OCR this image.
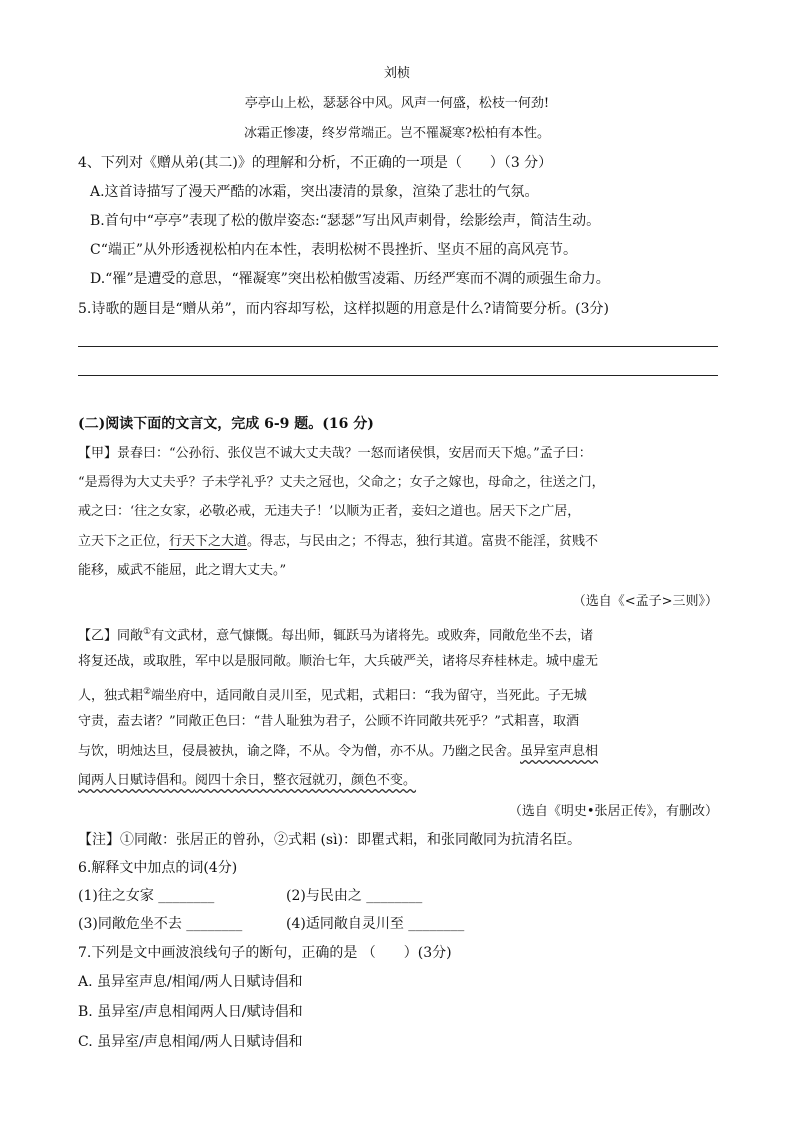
刘桢
亭亭山上松，瑟瑟谷中风。风声一何盛，松枝一何劲!
冰霜正惨凄，终岁常端正。岂不罹凝寒?松柏有本性。
4、下列对《赠从弟(其二)》的理解和分析，不正确的一项是（　　）（3 分）
A.这首诗描写了漫天严酷的冰霜，突出凄清的景象，渲染了悲壮的气氛。
B.首句中“亭亭”表现了松的傲岸姿态:“瑟瑟”写出风声刺骨，绘影绘声，简洁生动。
C“端正”从外形透视松柏内在本性，表明松树不畏挫折、坚贞不屈的高风亮节。
D.“罹”是遭受的意思，“罹凝寒”突出松柏傲雪凌霜、历经严寒而不凋的顽强生命力。
5.诗歌的题目是“赠从弟”，而内容却写松，这样拟题的用意是什么?请简要分析。(3分)
(二)阅读下面的文言文，完成 6-9 题。(16 分)
【甲】景春曰：“公孙衍、张仪岂不诚大丈夫哉？一怒而诸侯惧，安居而天下熄。”孟子曰：
“是焉得为大丈夫乎？子未学礼乎？丈夫之冠也，父命之；女子之嫁也，母命之，往送之门，
戒之曰：‘往之女家，必敬必戒，无违夫子！’以顺为正者，妾妇之道也。居天下之广居，
立天下之正位，行天下之大道。得志，与民由之；不得志，独行其道。富贵不能淫，贫贱不
能移，威武不能屈，此之谓大丈夫。”
（选自《<孟子>三则》）
【乙】同敞①有文武材，意气慷慨。每出师，辄跃马为诸将先。或败奔，同敞危坐不去，诸
将复还战，或取胜，军中以是服同敞。顺治七年，大兵破严关，诸将尽弃桂林走。城中虚无
人，独式耜②端坐府中，适同敞自灵川至，见式耜，式耜曰：“我为留守，当死此。子无城
守责，盍去诸？”同敞正色曰：“昔人耻独为君子，公顾不许同敞共死乎？”式耜喜，取酒
与饮，明烛达旦，侵晨被执，谕之降，不从。令为僧，亦不从。乃幽之民舍。虽异室声息相
闻两人日赋诗倡和。阅四十余日，整衣冠就刃，颜色不变。
（选自《明史•张居正传》，有删改）
【注】①同敞：张居正的曾孙，②式耜 (sì)：即瞿式耜，和张同敞同为抗清名臣。
6.解释文中加点的词(4分)
(1)往之女家 ________	(2)与民由之 ________
(3)同敞危坐不去 ________	(4)适同敞自灵川至 ________
7.下列是文中画波浪线句子的断句，正确的是 （　　）(3分)
A. 虽异室声息/相闻/两人日赋诗倡和
B. 虽异室/声息相闻两人日/赋诗倡和
C. 虽异室/声息相闻/两人日赋诗倡和
